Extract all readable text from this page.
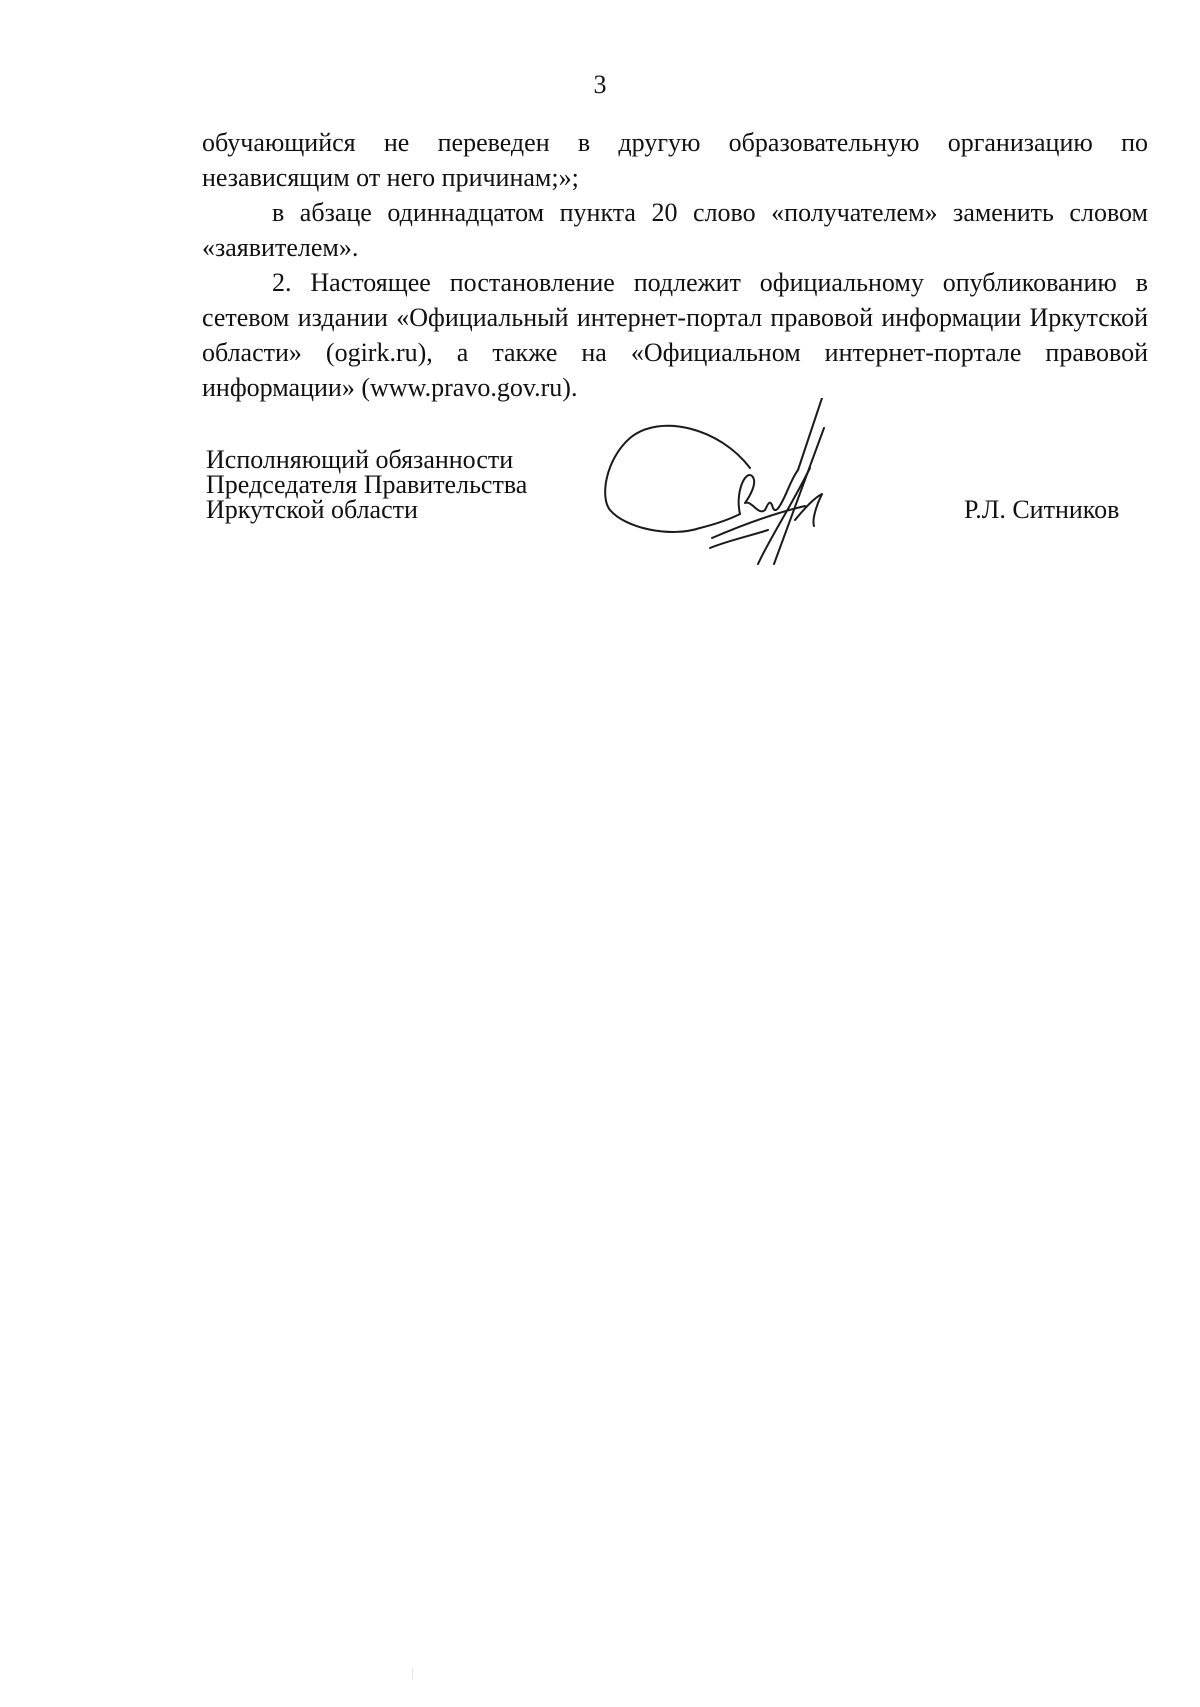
3

обучающийся не переведен в другую образовательную организацию по независящим от него причинам;»;

в абзаце одиннадцатом пункта 20 слово «получателем» заменить словом «заявителем».

2. Настоящее постановление подлежит официальному опубликованию в сетевом издании «Официальный интернет-портал правовой информации Иркутской области» (ogirk.ru), а также на «Официальном интернет-портале правовой информации» (www.pravo.gov.ru).

Исполняющий обязанности
Председателя Правительства
Иркутской области	Р.Л. Ситников
